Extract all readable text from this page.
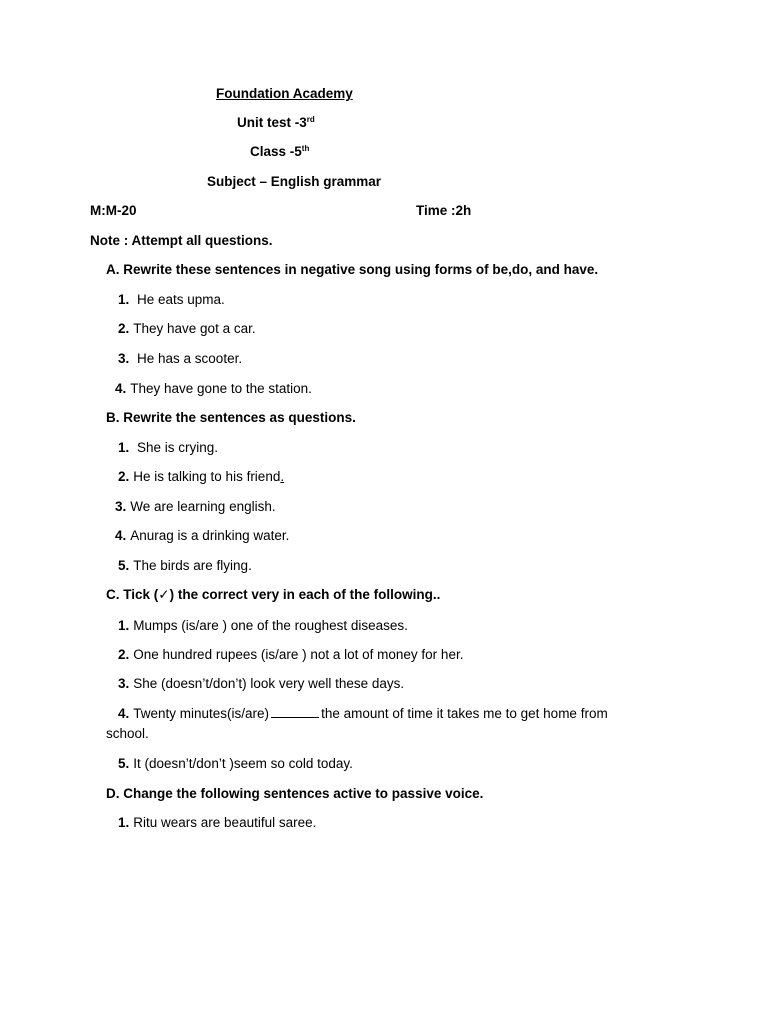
Foundation Academy
Unit test -3rd
Class -5th
Subject – English grammar
M:M-20	Time :2h
Note : Attempt all questions.
A. Rewrite these sentences in negative song using forms of be,do, and have.
1. He eats upma.
2. They have got a car.
3. He has a scooter.
4. They have gone to the station.
B. Rewrite the sentences as questions.
1. She is crying.
2. He is talking to his friend.
3. We are learning english.
4. Anurag is a drinking water.
5. The birds are flying.
C. Tick (✓) the correct very in each of the following..
1. Mumps (is/are ) one of the roughest diseases.
2. One hundred rupees (is/are ) not a lot of money for her.
3. She (doesn’t/don’t) look very well these days.
4. Twenty minutes(is/are)	the amount of time it takes me to get home from
school.
5. It (doesn’t/don’t )seem so cold today.
D. Change the following sentences active to passive voice.
1. Ritu wears are beautiful saree.
